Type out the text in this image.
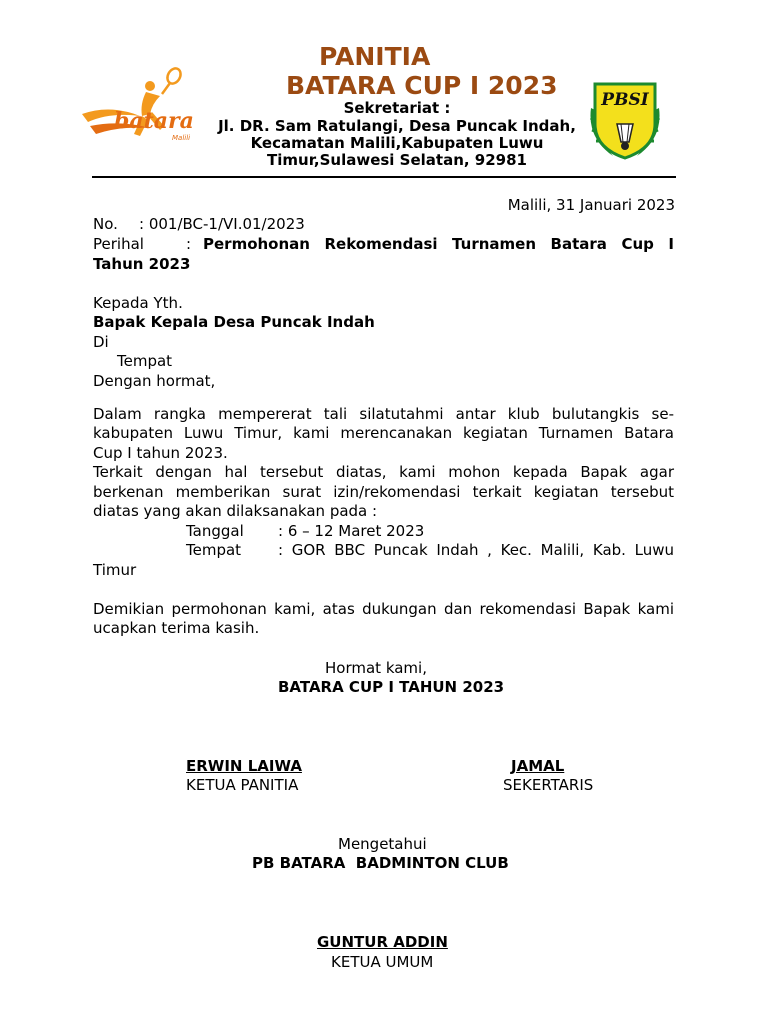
batara
Malili
PANITIA
BATARA CUP I 2023
Sekretariat :
Jl. DR. Sam Ratulangi, Desa Puncak Indah,
Kecamatan Malili,Kabupaten Luwu
Timur,Sulawesi Selatan, 92981
PBSI
Malili, 31 Januari 2023
No. : 001/BC-1/VI.01/2023
Perihal	: Permohonan Rekomendasi Turnamen Batara Cup I
Tahun 2023
Kepada Yth.
Bapak Kepala Desa Puncak Indah
Di
Tempat
Dengan hormat,
Dalam rangka mempererat tali silatutahmi antar klub bulutangkis se-
kabupaten Luwu Timur, kami merencanakan kegiatan Turnamen Batara
Cup I tahun 2023.
Terkait dengan hal tersebut diatas, kami mohon kepada Bapak agar
berkenan memberikan surat izin/rekomendasi terkait kegiatan tersebut
diatas yang akan dilaksanakan pada :
Tanggal : 6 – 12 Maret 2023
Tempat : GOR BBC Puncak Indah , Kec. Malili, Kab. Luwu
Timur
Demikian permohonan kami, atas dukungan dan rekomendasi Bapak kami
ucapkan terima kasih.
Hormat kami,
BATARA CUP I TAHUN 2023
ERWIN LAIWA
KETUA PANITIA
JAMAL
SEKERTARIS
Mengetahui
PB BATARA  BADMINTON CLUB
GUNTUR ADDIN
KETUA UMUM
